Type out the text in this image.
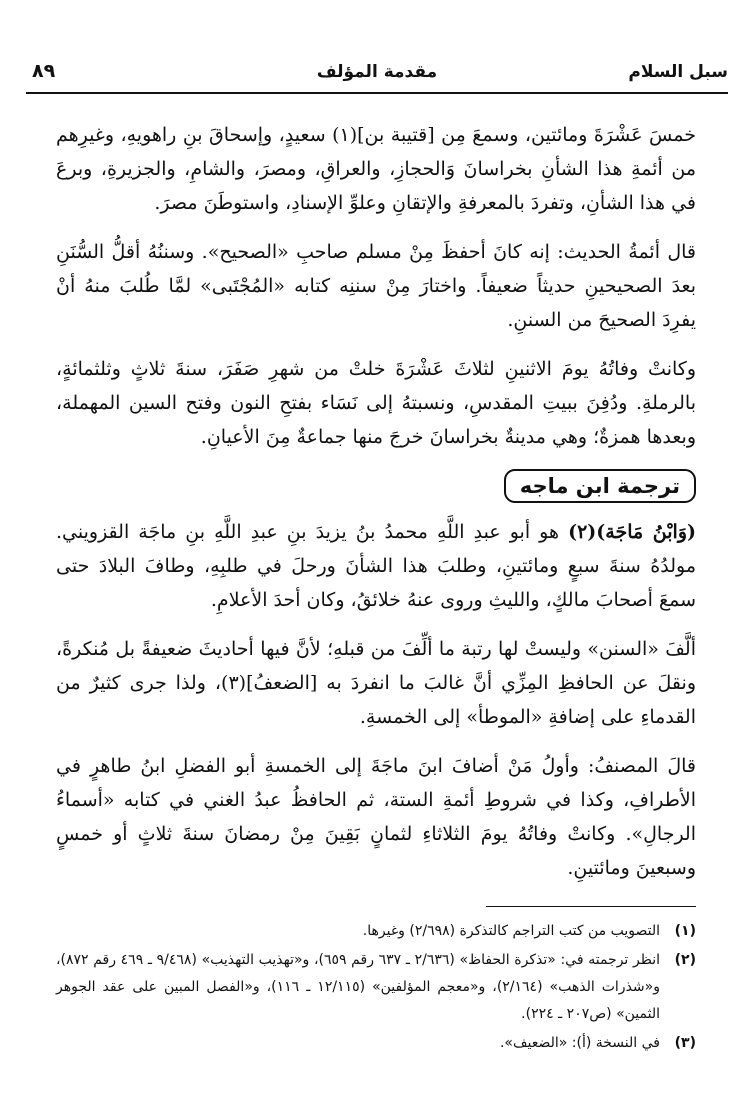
سبل السلام
مقدمة المؤلف
٨٩

خمسَ عَشْرَةَ ومائتين، وسمعَ مِن [قتيبة بن](١) سعيدٍ، وإسحاقَ بنِ راهويهِ، وغيرِهم من أئمةِ هذا الشأنِ بخراسانَ وَالحجازِ، والعراقِ، ومصرَ، والشامِ، والجزيرةِ، وبرعَ في هذا الشأنِ، وتفردَ بالمعرفةِ والإتقانِ وعلوِّ الإسنادِ، واستوطَنَ مصرَ.

قال أئمةُ الحديث: إنه كانَ أحفظَ مِنْ مسلم صاحبِ «الصحيح». وسننُهُ أقلُّ السُّنَنِ بعدَ الصحيحينِ حديثاً ضعيفاً. واختارَ مِنْ سننِه كتابه «المُجْتَبى» لمَّا طُلبَ منهُ أنْ يفرِدَ الصحيحَ من السننِ.

وكانتْ وفاتُهُ يومَ الاثنينِ لثلاثَ عَشْرَةَ خلتْ من شهرِ صَفَرَ، سنةَ ثلاثٍ وثلثمائةٍ، بالرملةِ. ودُفِنَ ببيتِ المقدسِ، ونسبتهُ إلى نَسَاء بفتحِ النون وفتح السين المهملة، وبعدها همزةٌ؛ وهي مدينةٌ بخراسانَ خرجَ منها جماعةٌ مِنَ الأعيانِ.

ترجمة ابن ماجه

(وَابْنُ مَاجَة)(٢) هو أبو عبدِ اللَّهِ محمدُ بنُ يزيدَ بنِ عبدِ اللَّهِ بنِ ماجَة القزويني. مولدُهُ سنةَ سبعٍ ومائتينِ، وطلبَ هذا الشأنَ ورحلَ في طلبِهِ، وطافَ البلادَ حتى سمعَ أصحابَ مالكٍ، والليثِ وروى عنهُ خلائقُ، وكان أحدَ الأعلامِ.

ألَّفَ «السنن» وليستْ لها رتبة ما ألِّفَ من قبلهِ؛ لأنَّ فيها أحاديثَ ضعيفةً بل مُنكرةً، ونقلَ عن الحافظِ المِزِّي أنَّ غالبَ ما انفردَ به [الضعفُ](٣)، ولذا جرى كثيرٌ من القدماءِ على إضافةِ «الموطأ» إلى الخمسةِ.

قالَ المصنفُ: وأولُ مَنْ أضافَ ابنَ ماجَةَ إلى الخمسةِ أبو الفضلِ ابنُ طاهرٍ في الأطرافِ، وكذا في شروطِ أئمةِ الستة، ثم الحافظُ عبدُ الغني في كتابه «أسماءُ الرجالِ». وكانتْ وفاتُهُ يومَ الثلاثاءِ لثمانٍ بَقِينَ مِنْ رمضانَ سنةَ ثلاثٍ أو خمسٍ وسبعينَ ومائتينِ.

(١)
التصويب من كتب التراجم كالتذكرة (٢/٦٩٨) وغيرها.
(٢)
انظر ترجمته في: «تذكرة الحفاظ» (٢/٦٣٦ ـ ٦٣٧ رقم ٦٥٩)، و«تهذيب التهذيب» (٩/٤٦٨ ـ ٤٦٩ رقم ٨٧٢)، و«شذرات الذهب» (٢/١٦٤)، و«معجم المؤلفين» (١٢/١١٥ ـ ١١٦)، و«الفصل المبين على عقد الجوهر الثمين» (ص٢٠٧ ـ ٢٢٤).
(٣)
في النسخة (أ): «الضعيف».
